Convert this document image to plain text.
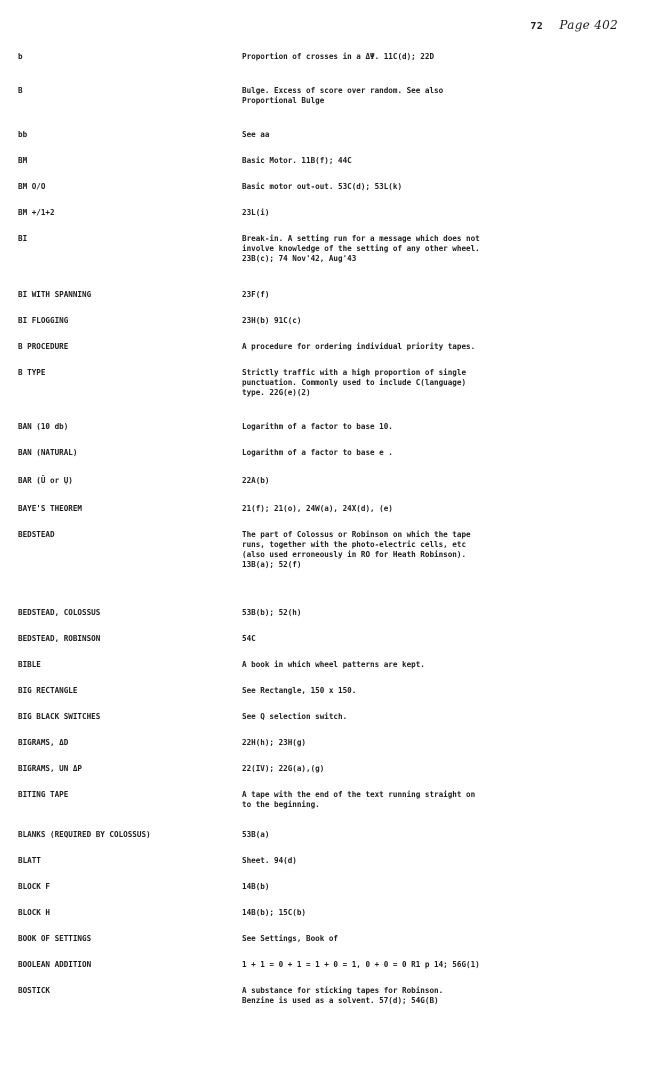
72 Page 402
b	Proportion of crosses in a ΔΨ. 11C(d); 22D
B	Bulge. Excess of score over random. See also
Proportional Bulge
bb	See aa
BM	Basic Motor. 11B(f); 44C
BM O/O	Basic motor out-out. 53C(d); 53L(k)
BM +/1+2	23L(i)
BI	Break-in. A setting run for a message which does not
involve knowledge of the setting of any other wheel.
23B(c); 74 Nov'42, Aug'43
BI WITH SPANNING	23F(f)
BI FLOGGING	23H(b) 91C(c)
B PROCEDURE	A procedure for ordering individual priority tapes.
B TYPE	Strictly traffic with a high proportion of single
punctuation. Commonly used to include C(language)
type. 22G(e)(2)
BAN (10 db)	Logarithm of a factor to base 10.
BAN (NATURAL)	Logarithm of a factor to base e .
BAR (Ū or Ụ)	22A(b)
BAYE'S THEOREM	21(f); 21(o), 24W(a), 24X(d), (e)
BEDSTEAD	The part of Colossus or Robinson on which the tape
runs, together with the photo-electric cells, etc
(also used erroneously in RO for Heath Robinson).
13B(a); 52(f)
BEDSTEAD, COLOSSUS	53B(b); 52(h)
BEDSTEAD, ROBINSON	54C
BIBLE	A book in which wheel patterns are kept.
BIG RECTANGLE	See Rectangle, 150 x 150.
BIG BLACK SWITCHES	See Q selection switch.
BIGRAMS, ΔD	22H(h); 23H(g)
BIGRAMS, UN ΔP	22(IV); 22G(a),(g)
BITING TAPE	A tape with the end of the text running straight on
to the beginning.
BLANKS (REQUIRED BY COLOSSUS)	53B(a)
BLATT	Sheet. 94(d)
BLOCK F	14B(b)
BLOCK H	14B(b); 15C(b)
BOOK OF SETTINGS	See Settings, Book of
BOOLEAN ADDITION	1 + 1 = 0 + 1 = 1 + 0 = 1, 0 + 0 = 0 R1 p 14; 56G(1)
BOSTICK	A substance for sticking tapes for Robinson.
Benzine is used as a solvent. 57(d); 54G(B)
